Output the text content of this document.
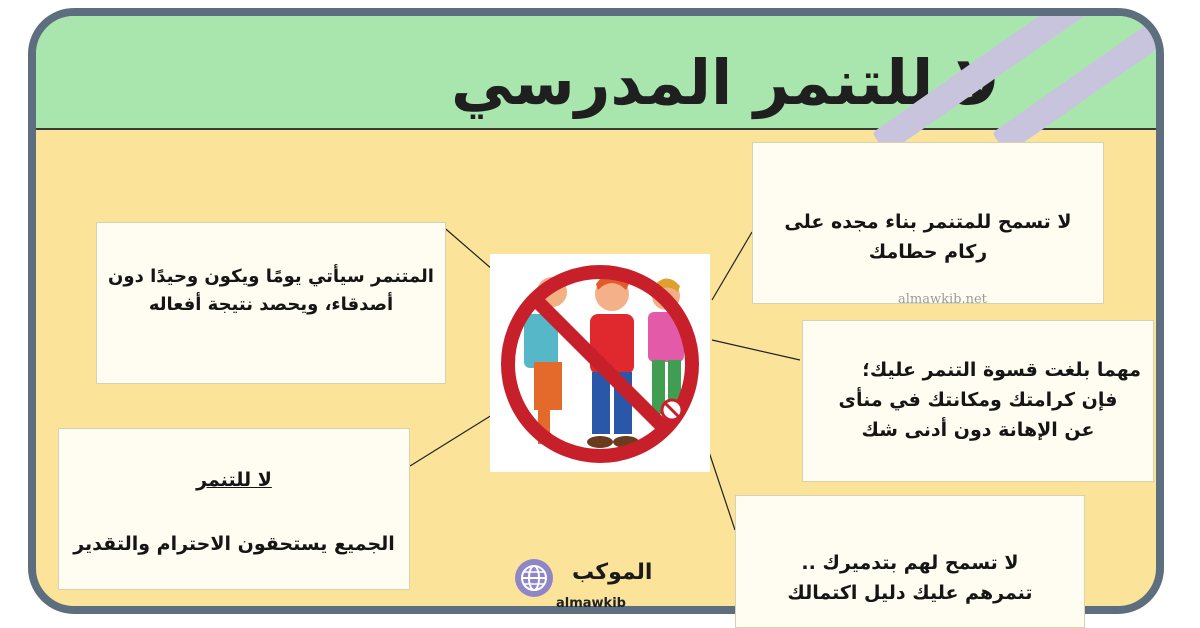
لا للتنمر المدرسي

لا تسمح للمتنمر بناء مجده على ركام حطامك

almawkib.net

مهما بلغت قسوة التنمر عليك؛

فإن كرامتك ومكانتك في منأى

عن الإهانة دون أدنى شك

لا تسمح لهم بتدميرك ..

تنمرهم عليك دليل اكتمالك

المتنمر سيأتي يومًا ويكون وحيدًا دون

أصدقاء، ويحصد نتيجة أفعاله

لا للتنمر

الجميع يستحقون الاحترام والتقدير

الموكب
almawkib
